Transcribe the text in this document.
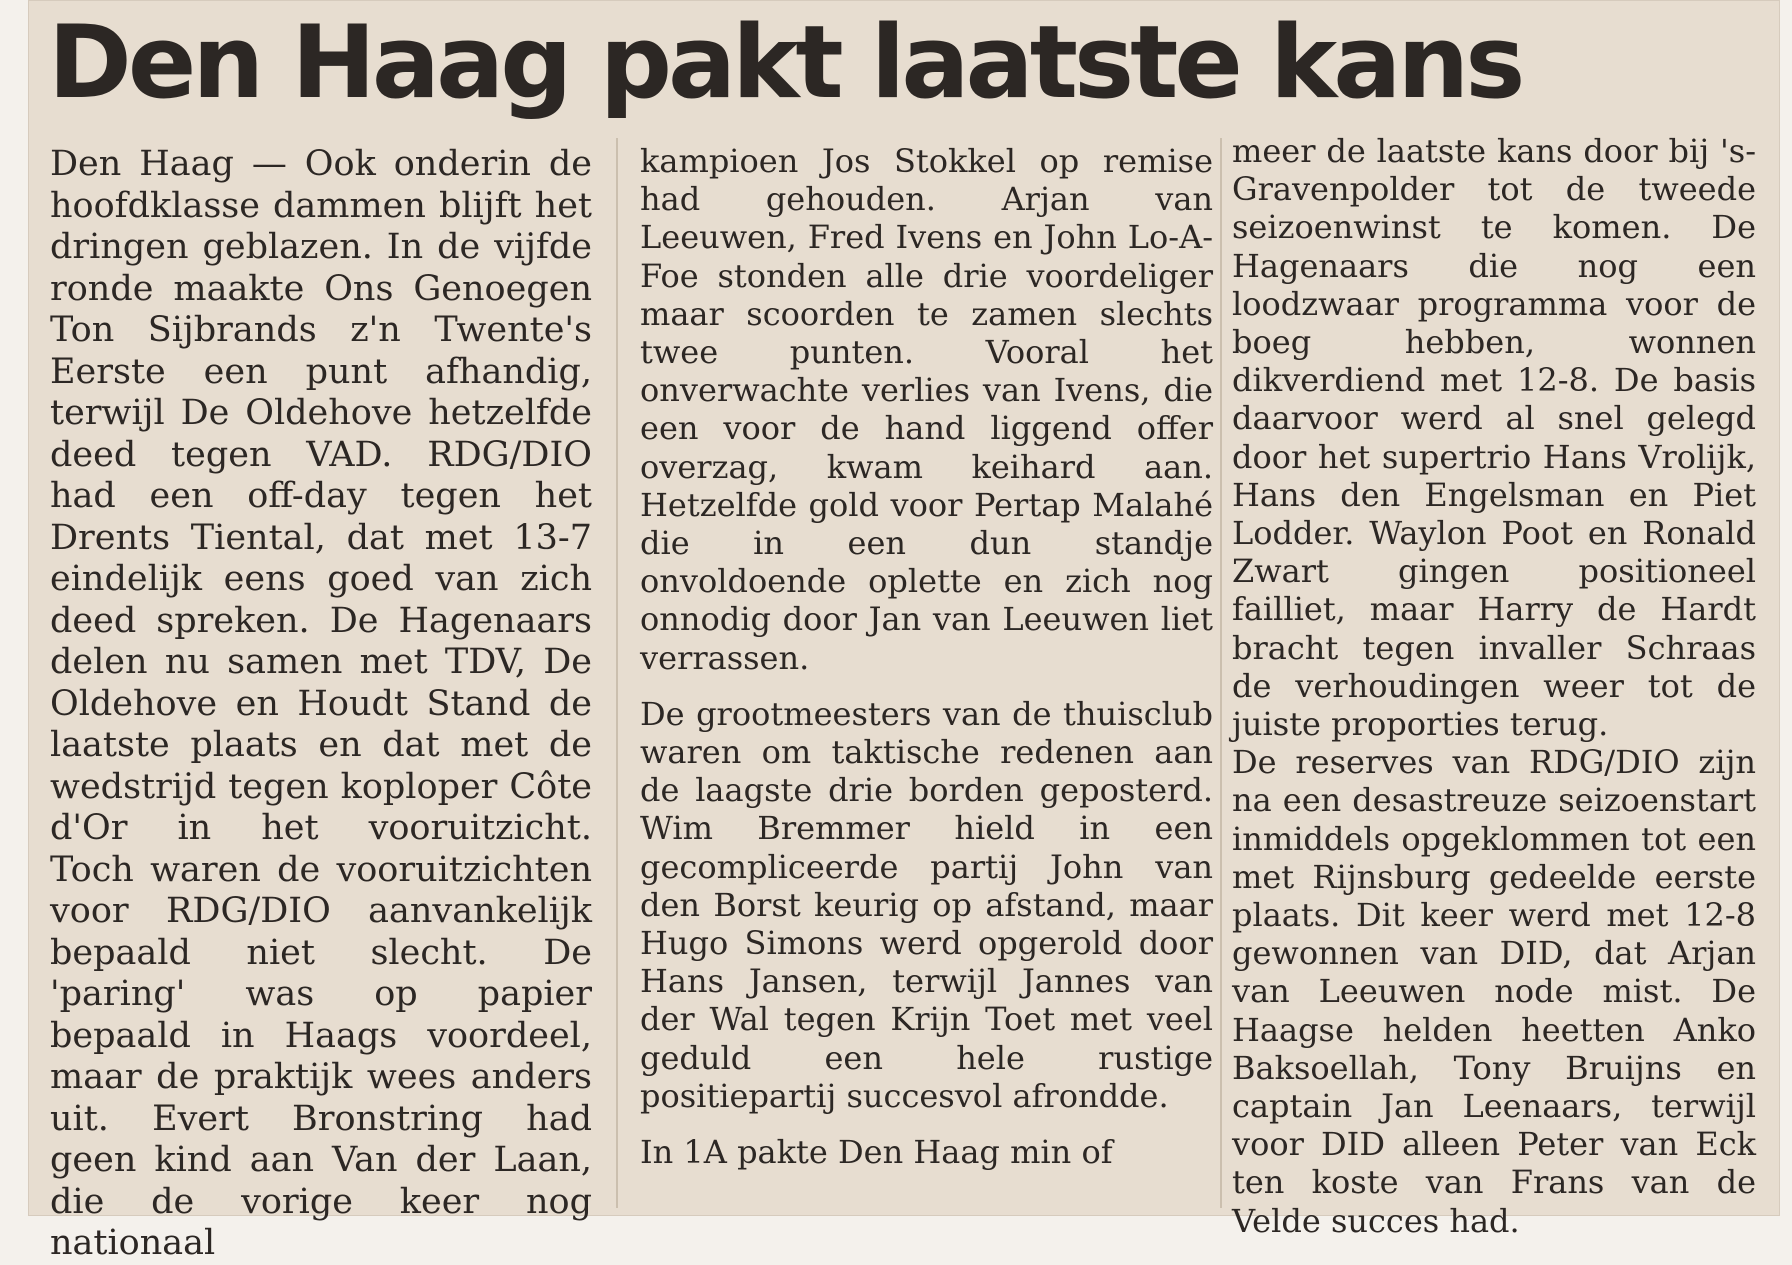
Den Haag pakt laatste kans

Den Haag — Ook onderin de hoofdklasse dammen blijft het dringen geblazen. In de vijfde ronde maakte Ons Genoegen Ton Sijbrands z'n Twente's Eerste een punt afhandig, terwijl De Oldehove hetzelfde deed tegen VAD. RDG/DIO had een off-day tegen het Drents Tiental, dat met 13-7 eindelijk eens goed van zich deed spreken. De Hagenaars delen nu samen met TDV, De Oldehove en Houdt Stand de laatste plaats en dat met de wedstrijd tegen koploper Côte d'Or in het vooruitzicht.

Toch waren de vooruitzichten voor RDG/DIO aanvankelijk bepaald niet slecht. De 'paring' was op papier bepaald in Haags voordeel, maar de praktijk wees anders uit. Evert Bronstring had geen kind aan Van der Laan, die de vorige keer nog nationaal

kampioen Jos Stokkel op remise had gehouden. Arjan van Leeuwen, Fred Ivens en John Lo-A-Foe stonden alle drie voordeliger maar scoorden te zamen slechts twee punten. Vooral het onverwachte verlies van Ivens, die een voor de hand liggend offer overzag, kwam keihard aan. Hetzelfde gold voor Pertap Malahé die in een dun standje onvoldoende oplette en zich nog onnodig door Jan van Leeuwen liet verrassen.

De grootmeesters van de thuisclub waren om taktische redenen aan de laagste drie borden geposterd. Wim Bremmer hield in een gecompliceerde partij John van den Borst keurig op afstand, maar Hugo Simons werd opgerold door Hans Jansen, terwijl Jannes van der Wal tegen Krijn Toet met veel geduld een hele rustige positiepartij succesvol afrondde.

In 1A pakte Den Haag min of

meer de laatste kans door bij 's-Gravenpolder tot de tweede seizoenwinst te komen. De Hagenaars die nog een loodzwaar programma voor de boeg hebben, wonnen dikverdiend met 12-8. De basis daarvoor werd al snel gelegd door het supertrio Hans Vrolijk, Hans den Engelsman en Piet Lodder. Waylon Poot en Ronald Zwart gingen positioneel failliet, maar Harry de Hardt bracht tegen invaller Schraas de verhoudingen weer tot de juiste proporties terug.

De reserves van RDG/DIO zijn na een desastreuze seizoenstart inmiddels opgeklommen tot een met Rijnsburg gedeelde eerste plaats. Dit keer werd met 12-8 gewonnen van DID, dat Arjan van Leeuwen node mist. De Haagse helden heetten Anko Baksoellah, Tony Bruijns en captain Jan Leenaars, terwijl voor DID alleen Peter van Eck ten koste van Frans van de Velde succes had.
